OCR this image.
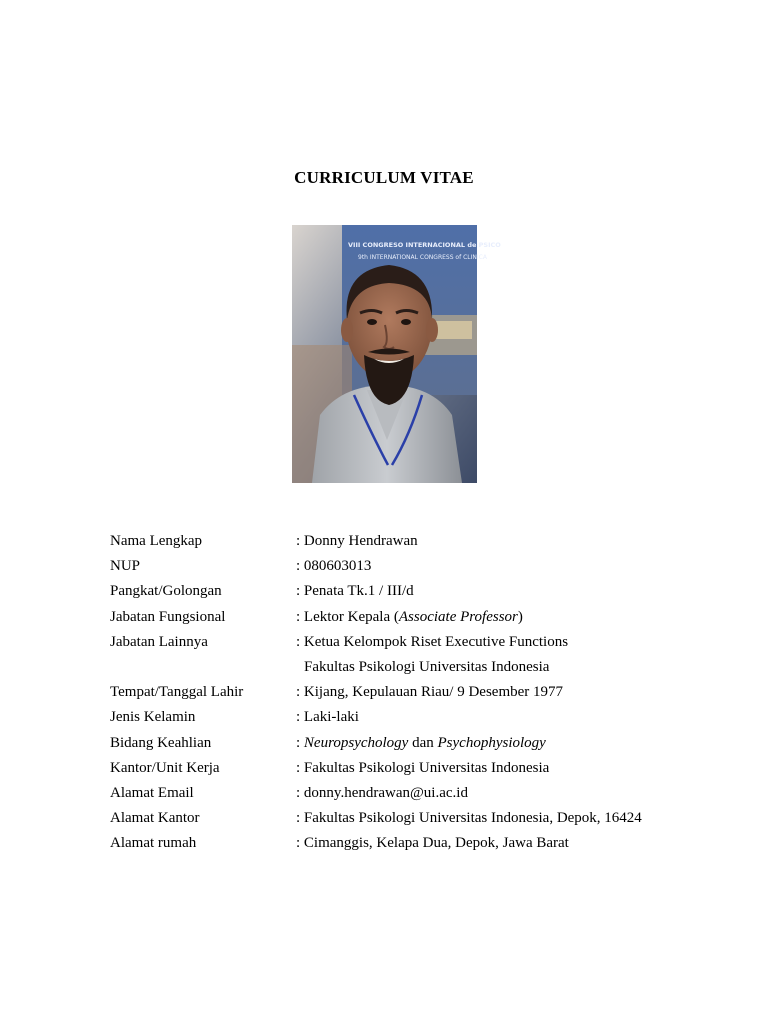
CURRICULUM VITAE
VIII CONGRESO INTERNACIONAL de PSICO
9th INTERNATIONAL CONGRESS of CLINICA
Nama Lengkap	: Donny Hendrawan
NUP	: 080603013
Pangkat/Golongan	: Penata Tk.1 / III/d
Jabatan Fungsional	: Lektor Kepala (Associate Professor)
Jabatan Lainnya	: Ketua Kelompok Riset Executive Functions
Fakultas Psikologi Universitas Indonesia
Tempat/Tanggal Lahir	: Kijang, Kepulauan Riau/ 9 Desember 1977
Jenis Kelamin	: Laki-laki
Bidang Keahlian	: Neuropsychology dan Psychophysiology
Kantor/Unit Kerja	: Fakultas Psikologi Universitas Indonesia
Alamat Email	: donny.hendrawan@ui.ac.id
Alamat Kantor	: Fakultas Psikologi Universitas Indonesia, Depok, 16424
Alamat rumah	: Cimanggis, Kelapa Dua, Depok, Jawa Barat
